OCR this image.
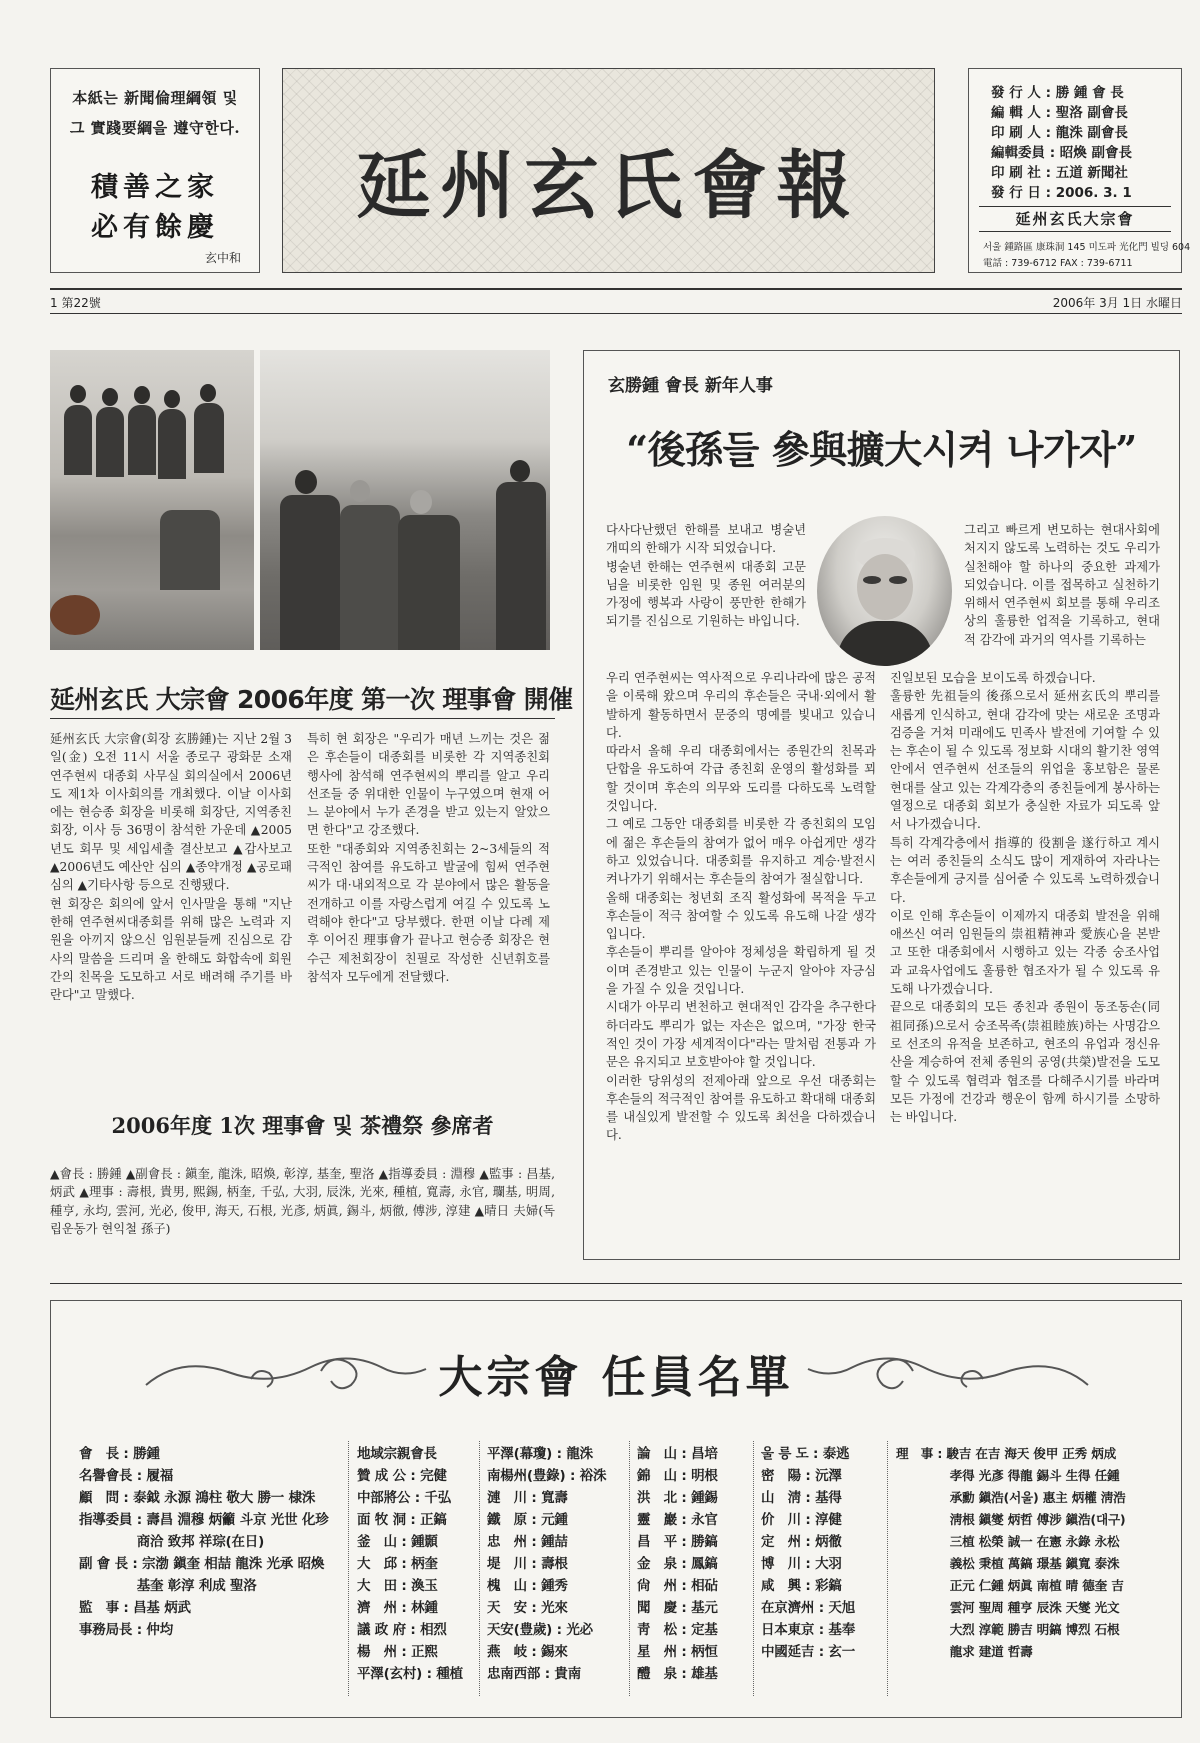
本紙는 新聞倫理綱領 및
그 實踐要綱을 遵守한다.
積善之家
必有餘慶
玄中和
延州玄氏會報
發 行 人 : 勝 鍾 會 長
編 輯 人 : 聖洛 副會長
印 刷 人 : 龍洙 副會長
編輯委員 : 昭煥 副會長
印 刷 社 : 五道 新聞社
發 行 日 : 2006. 3. 1
延州玄氏大宗會
서울 鍾路區 康珠洞 145 미도파 光化門 빌딩 604
電話 : 739-6712 FAX : 739-6711
1 第22號	2006年 3月 1日 水曜日
延州玄氏 大宗會 2006年度 第一次 理事會 開催
延州玄氏 大宗會(회장 玄勝鍾)는 지난 2월 3일(金) 오전 11시 서울 종로구 광화문 소재 연주현씨 대종회 사무실 회의실에서 2006년도 제1차 이사회의를 개최했다. 이날 이사회에는 현승종 회장을 비롯해 회장단, 지역종친회장, 이사 등 36명이 참석한 가운데 ▲2005년도 회무 및 세입세출 결산보고 ▲감사보고 ▲2006년도 예산안 심의 ▲종약개정 ▲공로패 심의 ▲기타사항 등으로 진행됐다.
현 회장은 회의에 앞서 인사말을 통해 "지난한해 연주현씨대종회를 위해 많은 노력과 지원을 아끼지 않으신 임원분들께 진심으로 감사의 말씀을 드리며 올 한해도 화합속에 회원간의 친목을 도모하고 서로 배려해 주기를 바란다"고 말했다.
특히 현 회장은 "우리가 매년 느끼는 것은 젊은 후손들이 대종회를 비롯한 각 지역종친회 행사에 참석해 연주현씨의 뿌리를 알고 우리선조들 중 위대한 인물이 누구였으며 현재 어느 분야에서 누가 존경을 받고 있는지 알았으면 한다"고 강조했다.
또한 "대종회와 지역종친회는 2~3세들의 적극적인 참여를 유도하고 발굴에 힘써 연주현씨가 대·내외적으로 각 분야에서 많은 활동을 전개하고 이를 자랑스럽게 여길 수 있도록 노력해야 한다"고 당부했다. 한편 이날 다례 제후 이어진 理事會가 끝나고 현승종 회장은 현수근 제천회장이 친필로 작성한 신년휘호를 참석자 모두에게 전달했다.
2006年度 1次 理事會 및 茶禮祭 參席者
▲會長 : 勝鍾 ▲副會長 : 鎭奎, 龍洙, 昭煥, 彰淳, 基奎, 聖洛 ▲指導委員 : 淵穆 ▲監事 : 昌基, 炳武 ▲理事 : 壽根, 貴男, 熙錫, 柄奎, 千弘, 大羽, 辰洙, 光來, 種植, 寬壽, 永官, 瓓基, 明周, 種亨, 永均, 雲河, 光必, 俊甲, 海天, 石根, 光彥, 炳眞, 錫斗, 炳徹, 傅涉, 淳建 ▲晴日 夫婦(독립운동가 현익철 孫子)
玄勝鍾 會長 新年人事
“後孫들 參與擴大시켜 나가자”
다사다난했던 한해를 보내고 병술년 개띠의 한해가 시작 되었습니다.
병술년 한해는 연주현씨 대종회 고문님을 비롯한 임원 및 종원 여러분의 가정에 행복과 사랑이 풍만한 한해가 되기를 진심으로 기원하는 바입니다.
우리 연주현씨는 역사적으로 우리나라에 많은 공적을 이룩해 왔으며 우리의 후손들은 국내·외에서 활발하게 활동하면서 문중의 명예를 빛내고 있습니다.
따라서 올해 우리 대종회에서는 종원간의 친목과 단합을 유도하여 각급 종친회 운영의 활성화를 꾀할 것이며 후손의 의무와 도리를 다하도록 노력할 것입니다.
그 예로 그동안 대종회를 비롯한 각 종친회의 모임에 젊은 후손들의 참여가 없어 매우 아쉽게만 생각하고 있었습니다. 대종회를 유지하고 계승·발전시켜나가기 위해서는 후손들의 참여가 절실합니다.
올해 대종회는 청년회 조직 활성화에 목적을 두고 후손들이 적극 참여할 수 있도록 유도해 나갈 생각입니다.
후손들이 뿌리를 알아야 정체성을 확립하게 될 것이며 존경받고 있는 인물이 누군지 알아야 자긍심을 가질 수 있을 것입니다.
시대가 아무리 변천하고 현대적인 감각을 추구한다 하더라도 뿌리가 없는 자손은 없으며, "가장 한국적인 것이 가장 세계적이다"라는 말처럼 전통과 가문은 유지되고 보호받아야 할 것입니다.
이러한 당위성의 전제아래 앞으로 우선 대종회는 후손들의 적극적인 참여를 유도하고 확대해 대종회를 내실있게 발전할 수 있도록 최선을 다하겠습니다.
그리고 빠르게 변모하는 현대사회에 처지지 않도록 노력하는 것도 우리가 실천해야 할 하나의 중요한 과제가 되었습니다. 이를 접목하고 실천하기 위해서 연주현씨 회보를 통해 우리조상의 훌륭한 업적을 기록하고, 현대적 감각에 과거의 역사를 기록하는
진일보된 모습을 보이도록 하겠습니다.
훌륭한 先祖들의 後孫으로서 延州玄氏의 뿌리를 새롭게 인식하고, 현대 감각에 맞는 새로운 조명과 검증을 거쳐 미래에도 민족사 발전에 기여할 수 있는 후손이 될 수 있도록 정보화 시대의 활기찬 영역 안에서 연주현씨 선조들의 위업을 홍보함은 물론 현대를 살고 있는 각계각층의 종친들에게 봉사하는 열정으로 대종회 회보가 충실한 자료가 되도록 앞서 나가겠습니다.
특히 각계각층에서 指導的 役割을 遂行하고 계시는 여러 종친들의 소식도 많이 게재하여 자라나는 후손들에게 긍지를 심어줄 수 있도록 노력하겠습니다.
이로 인해 후손들이 이제까지 대종회 발전을 위해 애쓰신 여러 임원들의 崇祖精神과 愛族心을 본받고 또한 대종회에서 시행하고 있는 각종 숭조사업과 교육사업에도 훌륭한 협조자가 될 수 있도록 유도해 나가겠습니다.
끝으로 대종회의 모든 종친과 종원이 동조동손(同祖同孫)으로서 숭조목족(崇祖睦族)하는 사명감으로 선조의 유적을 보존하고, 현조의 유업과 정신유산을 계승하여 전체 종원의 공영(共榮)발전을 도모할 수 있도록 협력과 협조를 다해주시기를 바라며 모든 가정에 건강과 행운이 함께 하시기를 소망하는 바입니다.
大宗會 任員名單
會　長 : 勝鍾
名譽會長 : 履福
顧　問 : 泰鉞 永源 鴻柱 敬大 勝一 棣洙
指導委員 : 壽昌 淵穆 炳籲 斗京 光世 化珍
　　　　 商洽 致邦 祥琮(在日)
副 會 長 : 宗渤 鎭奎 相喆 龍洙 光承 昭煥
　　　　 基奎 彰淳 利成 聖洛
監　事 : 昌基 炳武
事務局長 : 仲均
地域宗親會長
贊 成 公 : 完健
中部將公 : 千弘
面 牧 洞 : 正鎬
釜　山 : 鍾顥
大　邱 : 柄奎
大　田 : 渙玉
濟　州 : 林鍾
議 政 府 : 相烈
楊　州 : 正熙
平澤(玄村) : 種植
平澤(幕瓊) : 龍洙
南楊州(豊錄) : 裕洙
漣　川 : 寬壽
鐵　原 : 元鍾
忠　州 : 鍾喆
堤　川 : 壽根
槐　山 : 鍾秀
天　安 : 光來
天安(豊歲) : 光必
燕　岐 : 錫來
忠南西部 : 貴南
論　山 : 昌培
錦　山 : 明根
洪　北 : 鍾錫
靈　巖 : 永官
昌　平 : 勝鎬
金　泉 : 鳳鎬
尙　州 : 相砧
聞　慶 : 基元
靑　松 : 定基
星　州 : 柄恒
醴　泉 : 雄基
울 릉 도 : 泰逃
密　陽 : 沅澤
山　淸 : 基得
价　川 : 淳健
定　州 : 炳徹
博　川 : 大羽
咸　興 : 彩鎬
在京濟州 : 天旭
日本東京 : 基奉
中國延吉 : 玄一
理　事 : 駿吉 在吉 海天 俊甲 正秀 炳成
　　　　 孝得 光彥 得龍 錫斗 生得 任鍾
　　　　 承勳 鎭浩(서울) 惠主 炳權 淸浩
　　　　 淸根 鎭燮 炳哲 傅涉 鎭浩(대구)
　　　　 三植 松榮 誠一 在憲 永錄 永松
　　　　 義松 秉植 萬鎬 璟基 鎭寬 泰洙
　　　　 正元 仁鍾 炳眞 南植 晴 德奎 吉
　　　　 雲河 聖周 種亨 辰洙 天燮 光文
　　　　 大烈 淳範 勝吉 明鎬 博烈 石根
　　　　 龍求 建道 哲壽
